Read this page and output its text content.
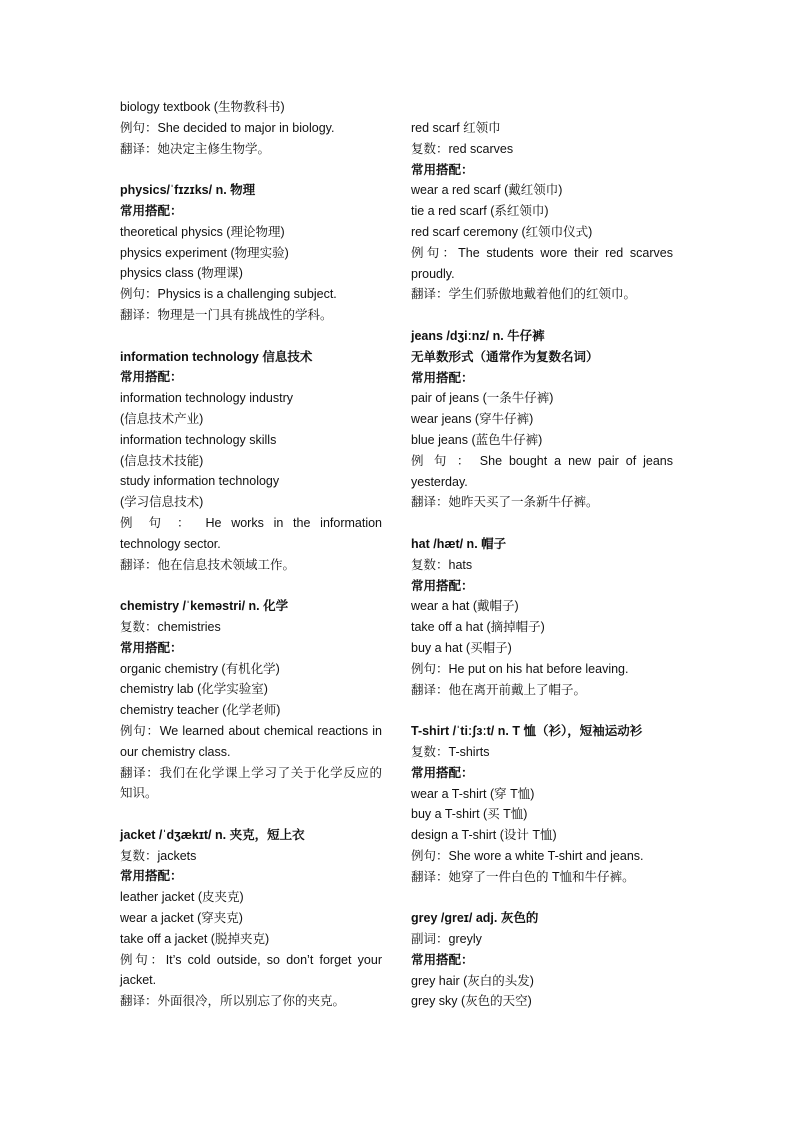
biology textbook (生物教科书)
例句：She decided to major in biology.
翻译：她决定主修生物学。
physics/ˈfɪzɪks/ n. 物理
常用搭配：
theoretical physics (理论物理)
physics experiment (物理实验)
physics class (物理课)
例句：Physics is a challenging subject.
翻译：物理是一门具有挑战性的学科。
information technology 信息技术
常用搭配：
information technology industry
(信息技术产业)
information technology skills
(信息技术技能)
study information technology
(学习信息技术)
例 句 ： He works in the information technology sector.
翻译：他在信息技术领域工作。
chemistry /ˈkeməstri/ n. 化学
复数：chemistries
常用搭配：
organic chemistry (有机化学)
chemistry lab (化学实验室)
chemistry teacher (化学老师)
例句：We learned about chemical reactions in our chemistry class.
翻译：我们在化学课上学习了关于化学反应的知识。
jacket /ˈdʒækɪt/ n. 夹克，短上衣
复数：jackets
常用搭配：
leather jacket (皮夹克)
wear a jacket (穿夹克)
take off a jacket (脱掉夹克)
例句：It’s cold outside, so don’t forget your jacket.
翻译：外面很冷，所以别忘了你的夹克。
red scarf 红领巾
复数：red scarves
常用搭配：
wear a red scarf (戴红领巾)
tie a red scarf (系红领巾)
red scarf ceremony (红领巾仪式)
例句：The students wore their red scarves proudly.
翻译：学生们骄傲地戴着他们的红领巾。
jeans /dʒiːnz/ n. 牛仔裤
无单数形式（通常作为复数名词）
常用搭配：
pair of jeans (一条牛仔裤)
wear jeans (穿牛仔裤)
blue jeans (蓝色牛仔裤)
例 句 ： She bought a new pair of jeans yesterday.
翻译：她昨天买了一条新牛仔裤。
hat /hæt/ n. 帽子
复数：hats
常用搭配：
wear a hat (戴帽子)
take off a hat (摘掉帽子)
buy a hat (买帽子)
例句：He put on his hat before leaving.
翻译：他在离开前戴上了帽子。
T-shirt /ˈtiːʃɜːt/ n. T 恤（衫），短袖运动衫
复数：T-shirts
常用搭配：
wear a T-shirt (穿 T恤)
buy a T-shirt (买 T恤)
design a T-shirt (设计 T恤)
例句：She wore a white T-shirt and jeans.
翻译：她穿了一件白色的 T恤和牛仔裤。
grey /ɡreɪ/ adj. 灰色的
副词：greyly
常用搭配：
grey hair (灰白的头发)
grey sky (灰色的天空)
